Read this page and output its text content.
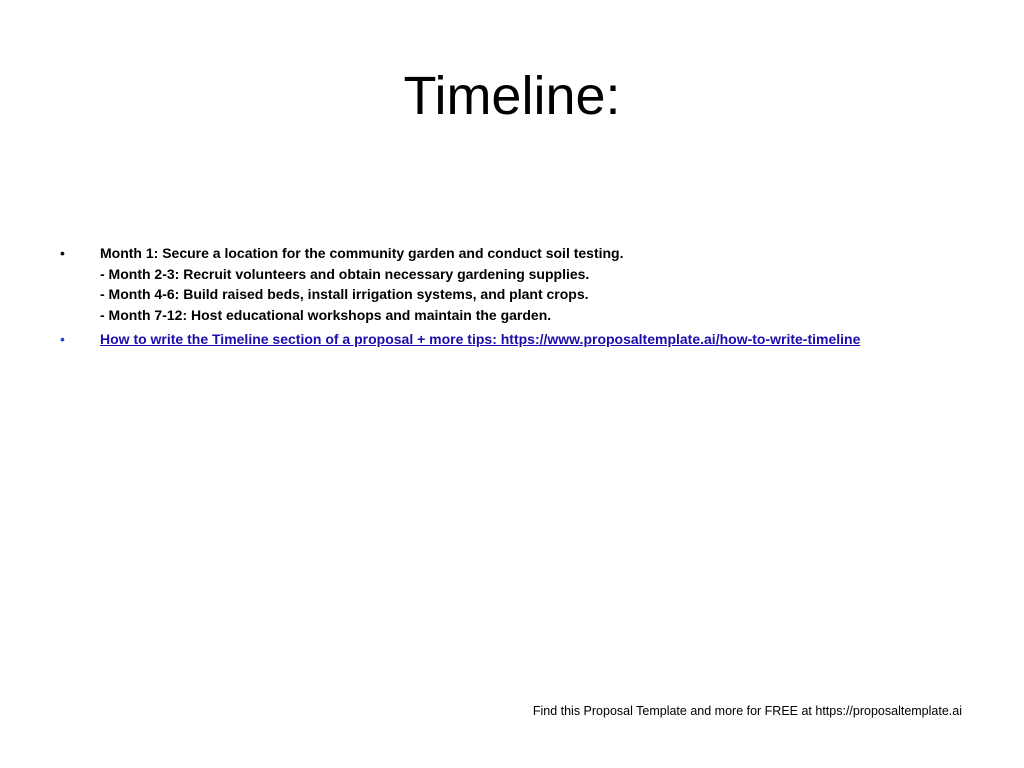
Timeline:
•	Month 1: Secure a location for the community garden and conduct soil testing.
- Month 2-3: Recruit volunteers and obtain necessary gardening supplies.
- Month 4-6: Build raised beds, install irrigation systems, and plant crops.
- Month 7-12: Host educational workshops and maintain the garden.
•	How to write the Timeline section of a proposal + more tips: https://www.proposaltemplate.ai/how-to-write-timeline
Find this Proposal Template and more for FREE at https://proposaltemplate.ai
